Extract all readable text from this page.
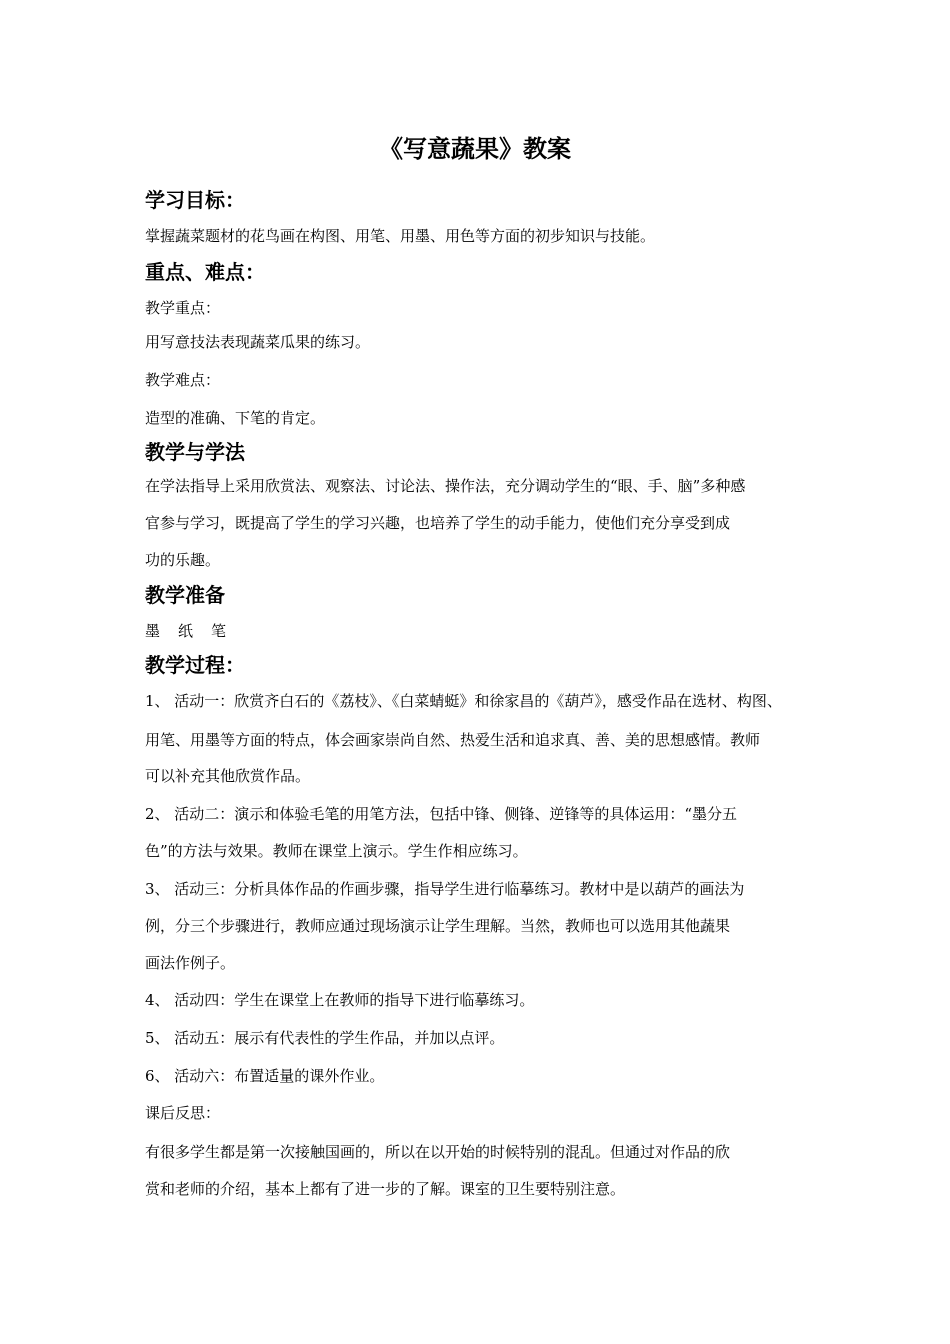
《写意蔬果》教案
学习目标：
掌握蔬菜题材的花鸟画在构图、用笔、用墨、用色等方面的初步知识与技能。
重点、难点：
教学重点：
用写意技法表现蔬菜瓜果的练习。
教学难点：
造型的准确、下笔的肯定。
教学与学法
在学法指导上采用欣赏法、观察法、讨论法、操作法，充分调动学生的“眼、手、脑”多种感
官参与学习，既提高了学生的学习兴趣，也培养了学生的动手能力，使他们充分享受到成
功的乐趣。
教学准备
墨 纸 笔
教学过程：
1、 活动一：欣赏齐白石的《荔枝》、《白菜蜻蜓》和徐家昌的《葫芦》，感受作品在选材、构图、
用笔、用墨等方面的特点，体会画家崇尚自然、热爱生活和追求真、善、美的思想感情。教师
可以补充其他欣赏作品。
2、 活动二：演示和体验毛笔的用笔方法，包括中锋、侧锋、逆锋等的具体运用：“墨分五
色”的方法与效果。教师在课堂上演示。学生作相应练习。
3、 活动三：分析具体作品的作画步骤，指导学生进行临摹练习。教材中是以葫芦的画法为
例，分三个步骤进行，教师应通过现场演示让学生理解。当然，教师也可以选用其他蔬果
画法作例子。
4、 活动四：学生在课堂上在教师的指导下进行临摹练习。
5、 活动五：展示有代表性的学生作品，并加以点评。
6、 活动六：布置适量的课外作业。
课后反思：
有很多学生都是第一次接触国画的，所以在以开始的时候特别的混乱。但通过对作品的欣
赏和老师的介绍，基本上都有了进一步的了解。课室的卫生要特别注意。
